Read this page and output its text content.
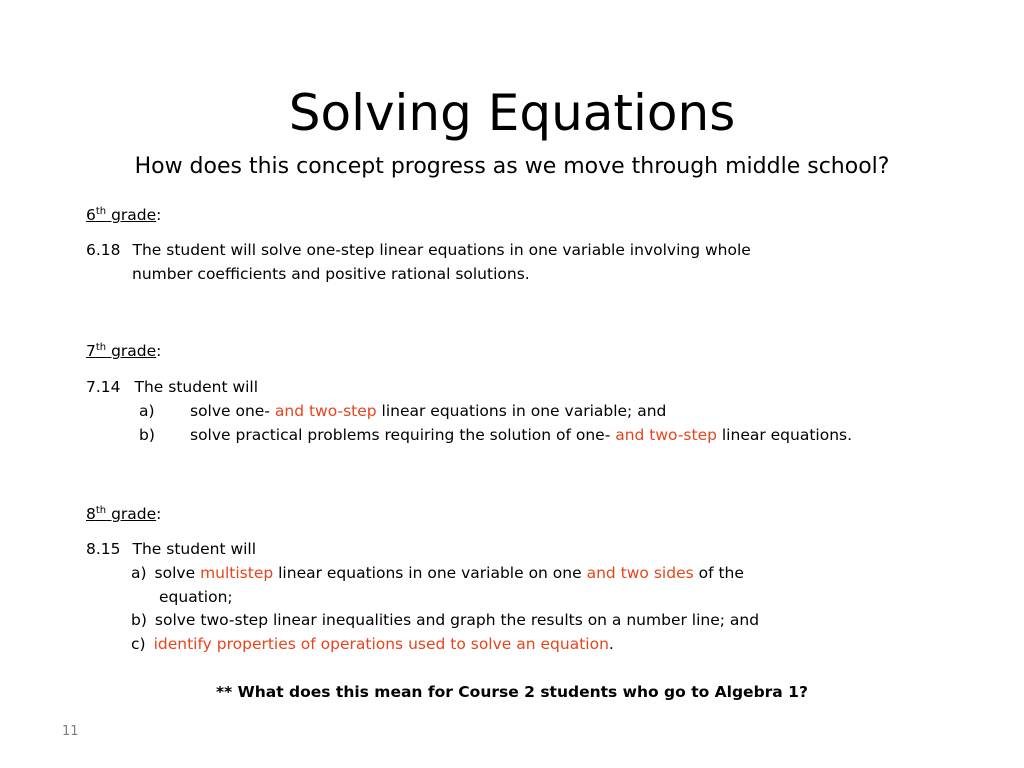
Solving Equations
How does this concept progress as we move through middle school?
6th grade:
6.18 The student will solve one-step linear equations in one variable involving whole
number coefficients and positive rational solutions.
7th grade:
7.14 The student will
a) solve one- and two-step linear equations in one variable; and
b) solve practical problems requiring the solution of one- and two-step linear equations.
8th grade:
8.15 The student will
a) solve multistep linear equations in one variable on one and two sides of the
equation;
b) solve two-step linear inequalities and graph the results on a number line; and
c) identify properties of operations used to solve an equation.
** What does this mean for Course 2 students who go to Algebra 1?
11
